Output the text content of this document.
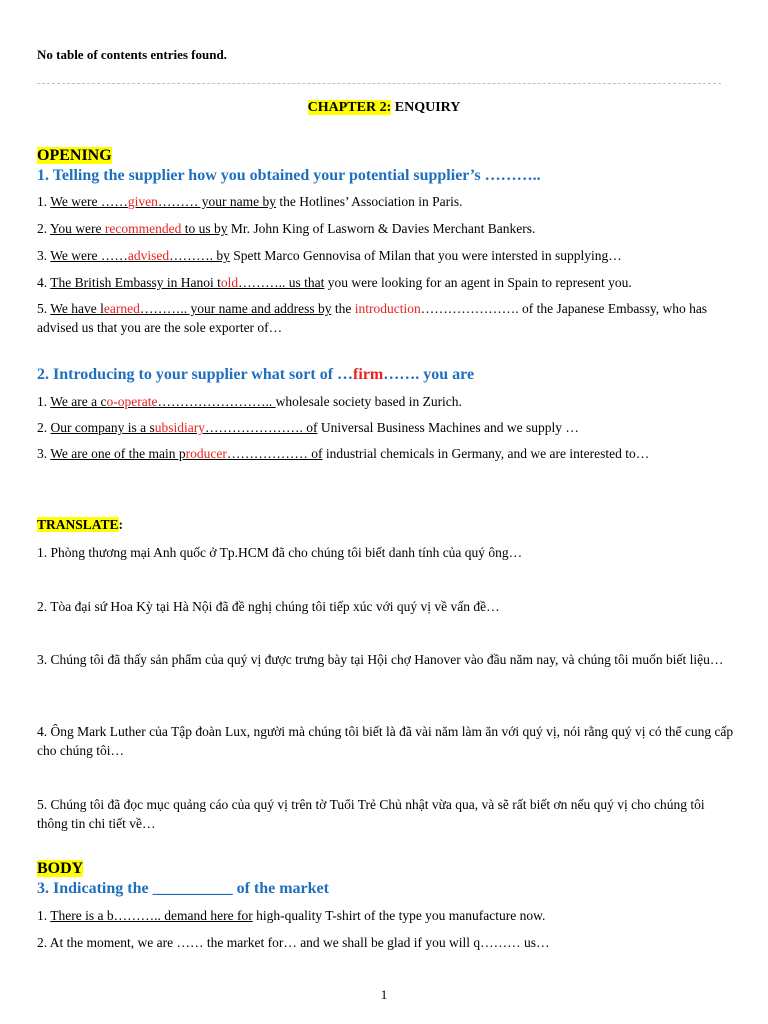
No table of contents entries found.
CHAPTER 2: ENQUIRY
OPENING
1. Telling the supplier how you obtained your potential supplier’s ………..
1. We were ……given……… your name by the Hotlines’ Association in Paris.
2. You were recommended to us by Mr. John King of Lasworn & Davies Merchant Bankers.
3. We were ……advised………. by Spett Marco Gennovisa of Milan that you were intersted in supplying…
4. The British Embassy in Hanoi told……….. us that you were looking for an agent in Spain to represent you.
5. We have learned……….. your name and address by the introduction…………………. of the Japanese Embassy, who has advised us that you are the sole exporter of…
2. Introducing to your supplier what sort of …firm……. you are
1. We are a co-operate…………………….. wholesale society based in Zurich.
2. Our company is a subsidiary…………………. of Universal Business Machines and we supply …
3. We are one of the main producer……………… of industrial chemicals in Germany, and we are interested to…
TRANSLATE:
1. Phòng thương mại Anh quốc ở Tp.HCM đã cho chúng tôi biết danh tính của quý ông…
2. Tòa đại sứ Hoa Kỳ tại Hà Nội đã đề nghị chúng tôi tiếp xúc với quý vị về vấn đề…
3. Chúng tôi đã thấy sản phẩm của quý vị được trưng bày tại Hội chợ Hanover vào đầu năm nay, và chúng tôi muốn biết liệu…
4. Ông Mark Luther của Tập đoàn Lux, người mà chúng tôi biết là đã vài năm làm ăn với quý vị, nói rằng quý vị có thể cung cấp cho chúng tôi…
5. Chúng tôi đã đọc mục quảng cáo của quý vị trên tờ Tuổi Trẻ Chủ nhật vừa qua, và sẽ rất biết ơn nếu quý vị cho chúng tôi thông tin chi tiết về…
BODY
3. Indicating the __________ of the market
1. There is a b……….. demand here for high-quality T-shirt of the type you manufacture now.
2. At the moment, we are …… the market for… and we shall be glad if you will q……… us…
1
